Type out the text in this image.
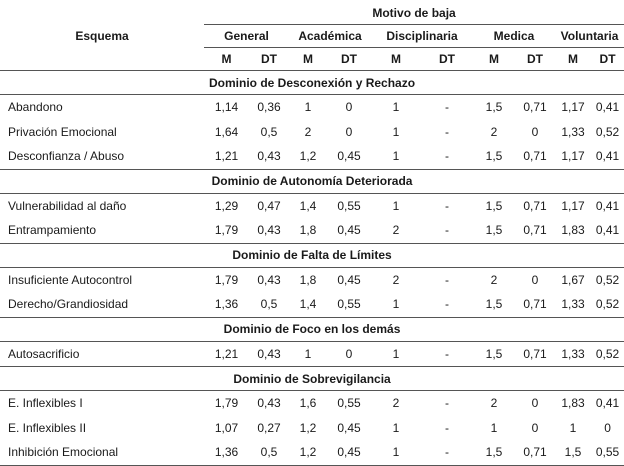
Esquema	Motivo de baja									
	General		Académica		Disciplinaria		Medica		Voluntaria	
	M	DT	M	DT	M	DT	M	DT	M	DT
Dominio de Desconexión y Rechazo										
Abandono	1,14	0,36	1	0	1	-	1,5	0,71	1,17	0,41
Privación Emocional	1,64	0,5	2	0	1	-	2	0	1,33	0,52
Desconfianza / Abuso	1,21	0,43	1,2	0,45	1	-	1,5	0,71	1,17	0,41
Dominio de Autonomía Deteriorada										
Vulnerabilidad al daño	1,29	0,47	1,4	0,55	1	-	1,5	0,71	1,17	0,41
Entrampamiento	1,79	0,43	1,8	0,45	2	-	1,5	0,71	1,83	0,41
Dominio de Falta de Límites										
Insuficiente Autocontrol	1,79	0,43	1,8	0,45	2	-	2	0	1,67	0,52
Derecho/Grandiosidad	1,36	0,5	1,4	0,55	1	-	1,5	0,71	1,33	0,52
Dominio de Foco en los demás										
Autosacrificio	1,21	0,43	1	0	1	-	1,5	0,71	1,33	0,52
Dominio de Sobrevigilancia										
E. Inflexibles I	1,79	0,43	1,6	0,55	2	-	2	0	1,83	0,41
E. Inflexibles II	1,07	0,27	1,2	0,45	1	-	1	0	1	0
Inhibición Emocional	1,36	0,5	1,2	0,45	1	-	1,5	0,71	1,5	0,55
